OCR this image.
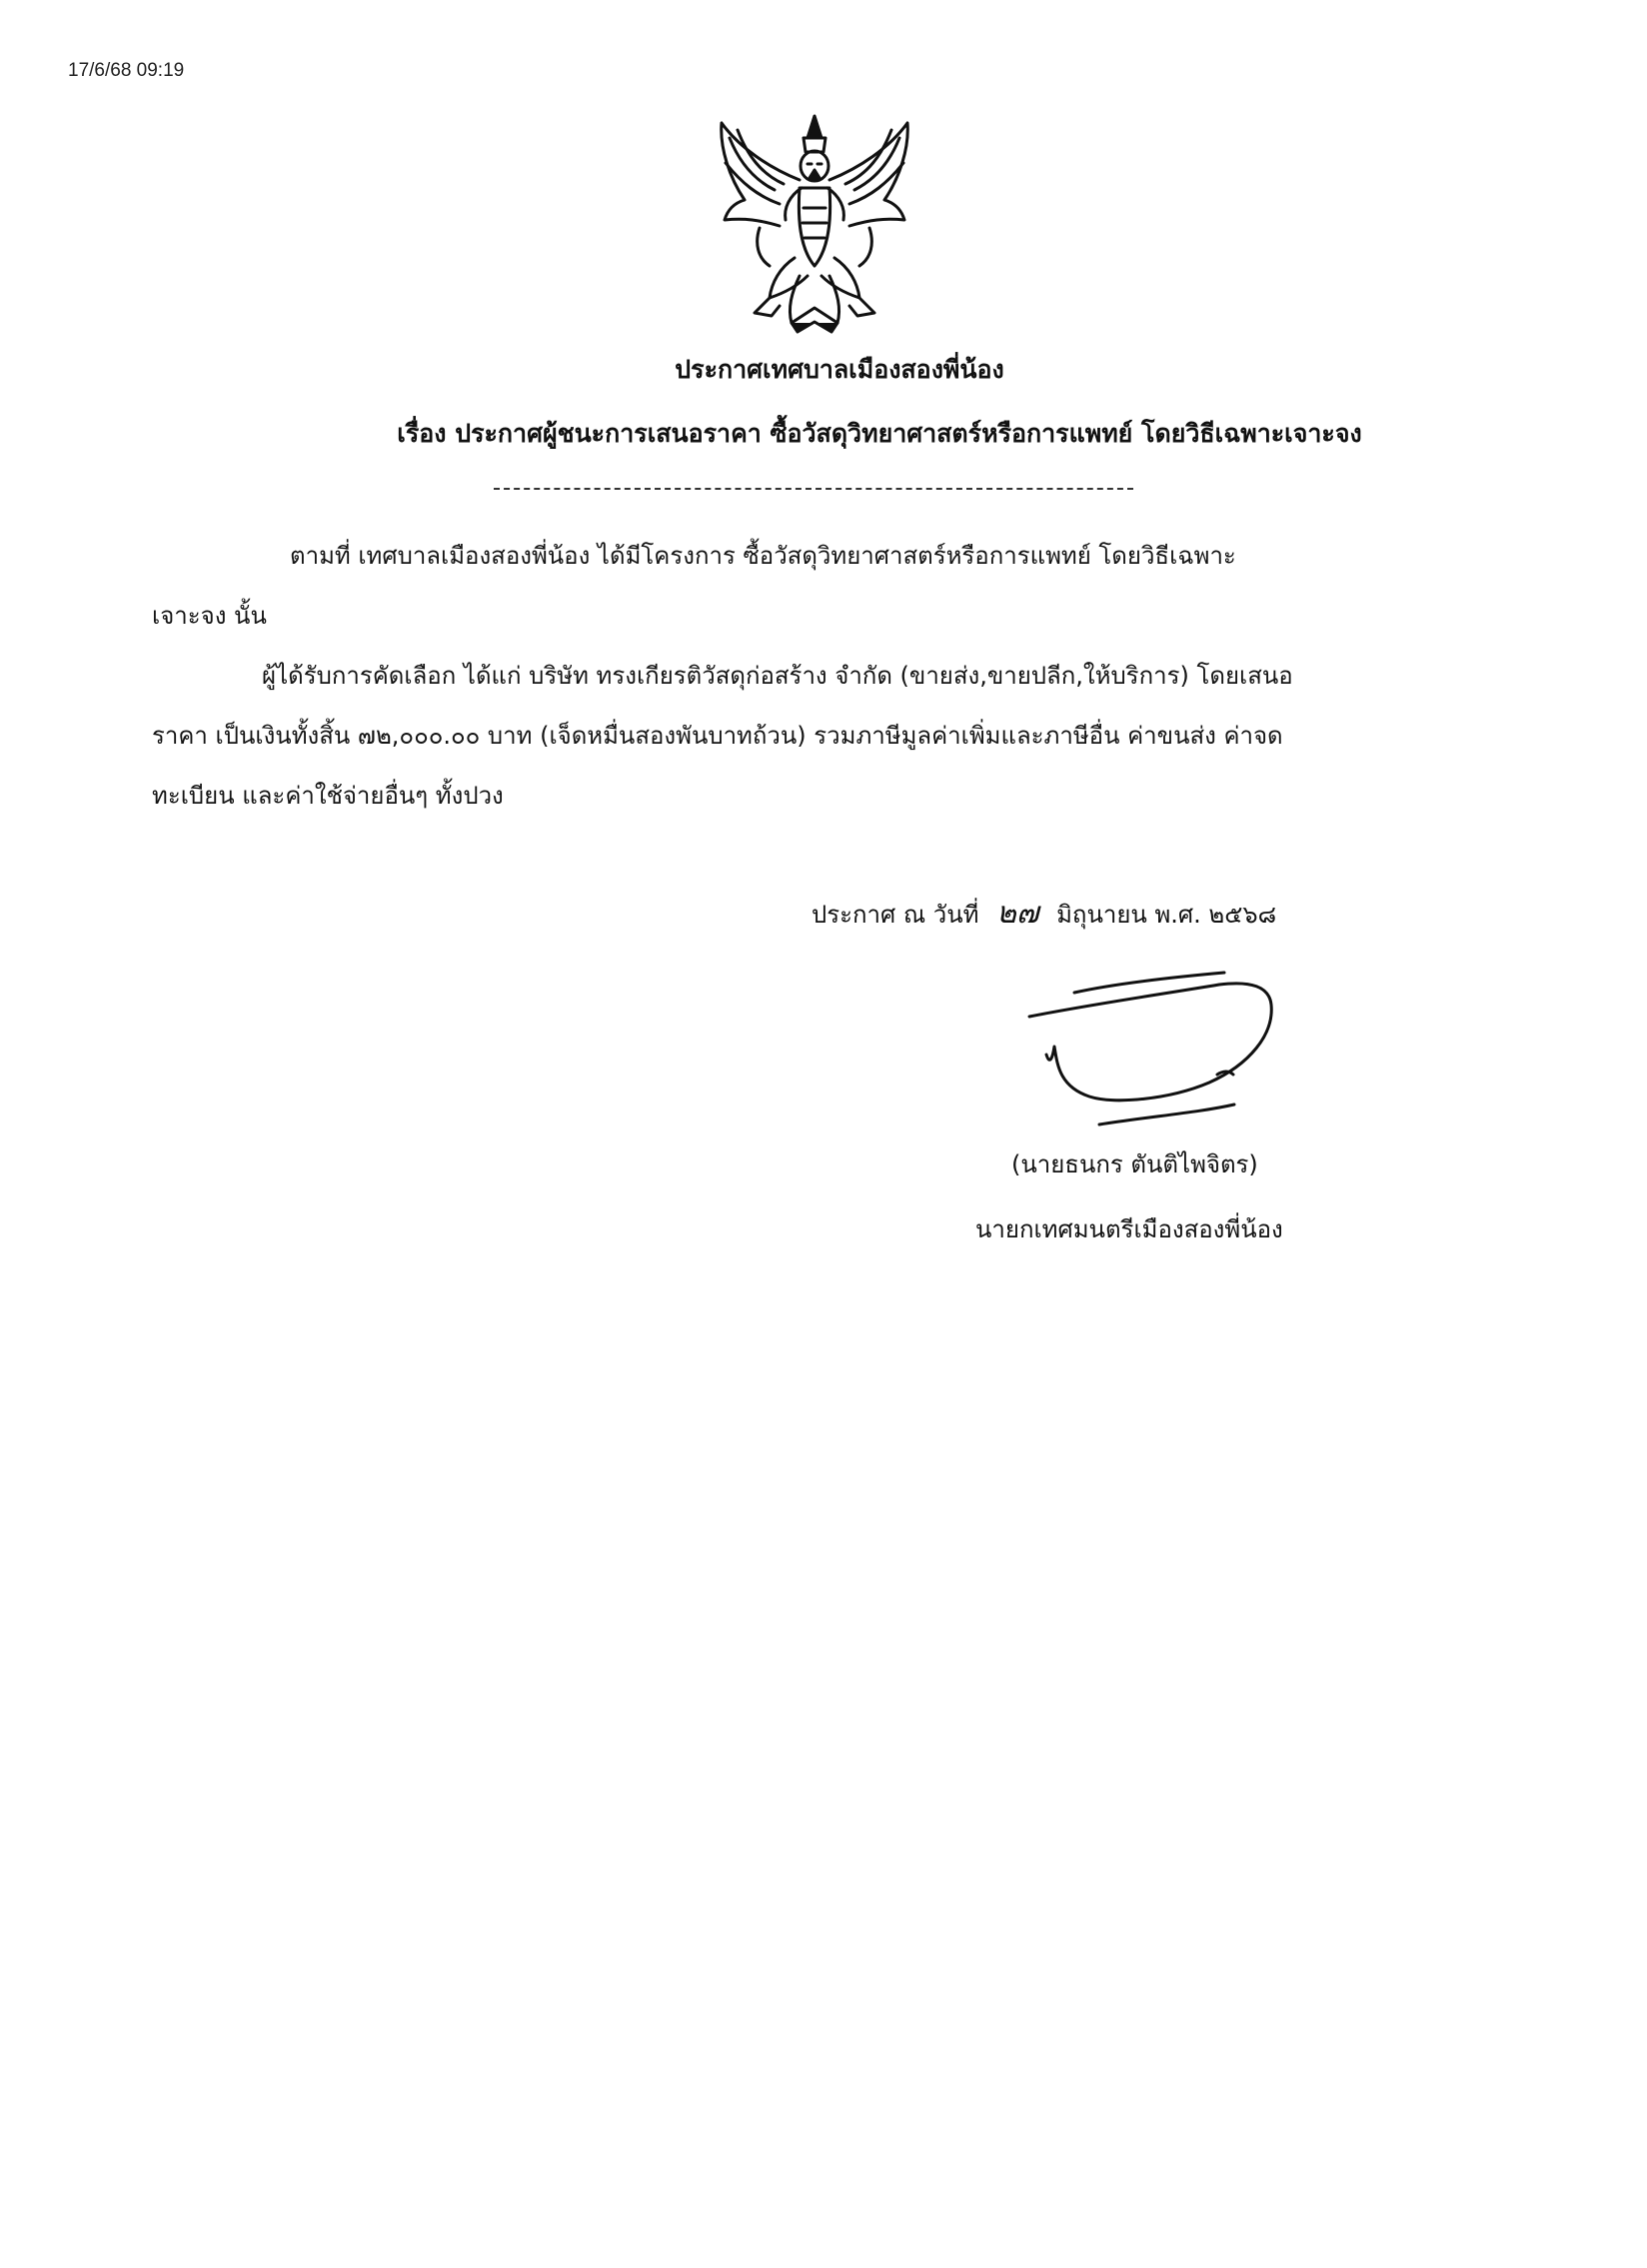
17/6/68 09:19
ประกาศเทศบาลเมืองสองพี่น้อง
เรื่อง ประกาศผู้ชนะการเสนอราคา ซื้อวัสดุวิทยาศาสตร์หรือการแพทย์ โดยวิธีเฉพาะเจาะจง
ตามที่ เทศบาลเมืองสองพี่น้อง ได้มีโครงการ ซื้อวัสดุวิทยาศาสตร์หรือการแพทย์ โดยวิธีเฉพาะ
เจาะจง นั้น
ผู้ได้รับการคัดเลือก ได้แก่ บริษัท ทรงเกียรติวัสดุก่อสร้าง จำกัด (ขายส่ง,ขายปลีก,ให้บริการ) โดยเสนอ
ราคา เป็นเงินทั้งสิ้น ๗๒,๐๐๐.๐๐ บาท (เจ็ดหมื่นสองพันบาทถ้วน) รวมภาษีมูลค่าเพิ่มและภาษีอื่น ค่าขนส่ง ค่าจด
ทะเบียน และค่าใช้จ่ายอื่นๆ ทั้งปวง
ประกาศ ณ วันที่ ๒๗ มิถุนายน พ.ศ. ๒๕๖๘
(นายธนกร ตันติไพจิตร)
นายกเทศมนตรีเมืองสองพี่น้อง
